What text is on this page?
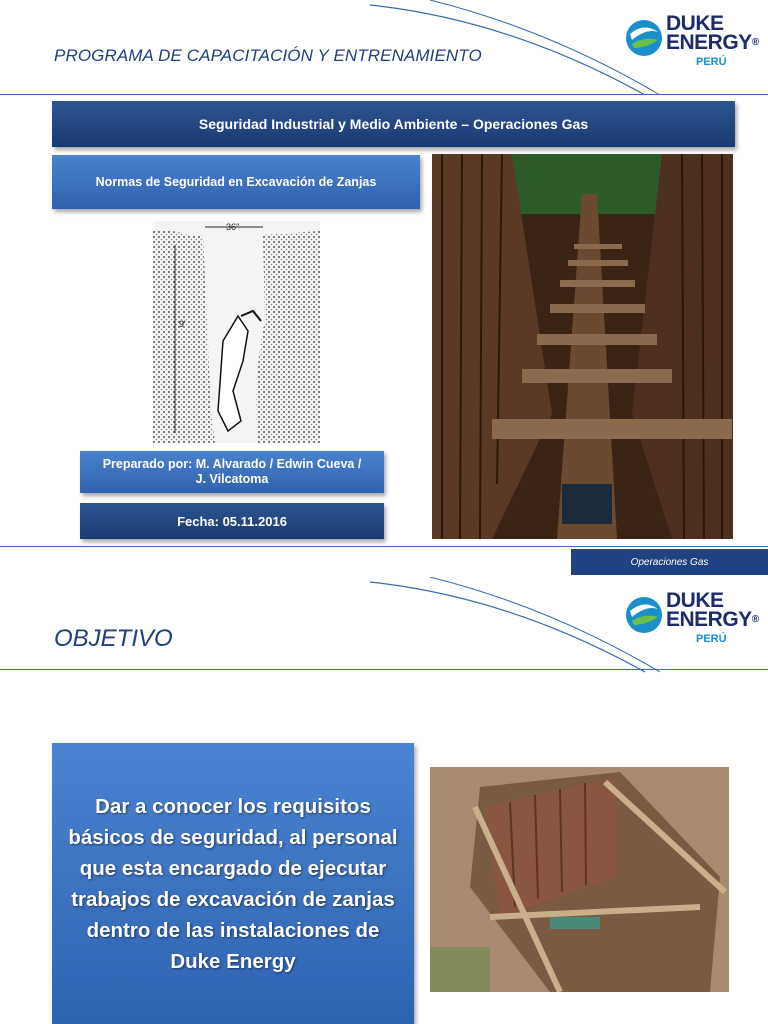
PROGRAMA DE CAPACITACIÓN Y ENTRENAMIENTO
DUKE
ENERGY®
PERÚ
Seguridad Industrial y Medio Ambiente – Operaciones Gas
Normas de Seguridad en Excavación de Zanjas
36"
9'
Preparado por: M. Alvarado / Edwin Cueva / J. Vilcatoma
Fecha: 05.11.2016
Operaciones Gas
OBJETIVO
DUKE
ENERGY®
PERÚ
Dar a conocer los requisitos básicos de seguridad, al personal que esta encargado de ejecutar trabajos de excavación de zanjas dentro de las instalaciones de Duke Energy
